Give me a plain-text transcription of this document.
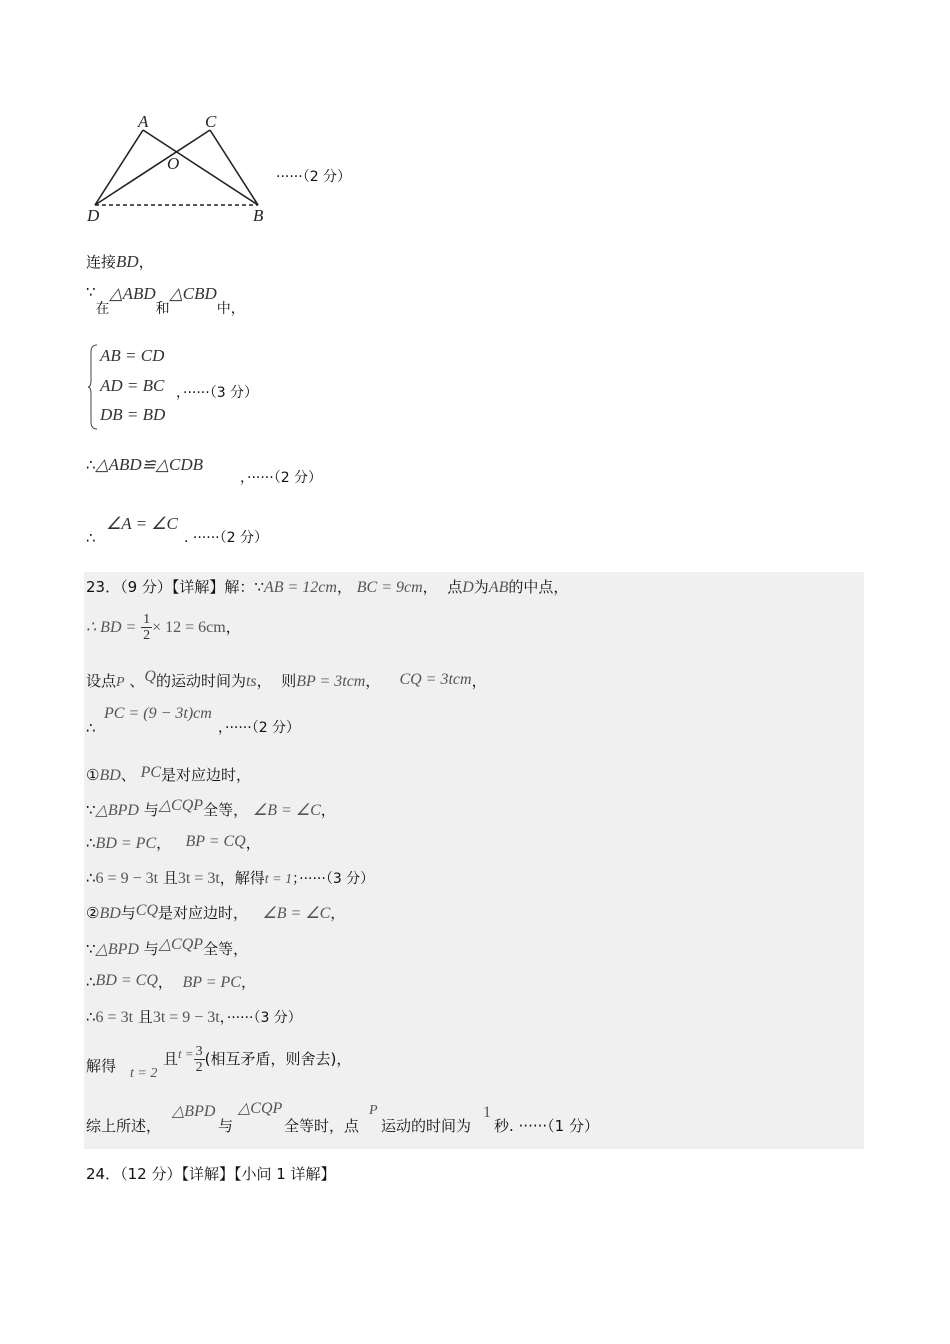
A	C
O
D	B
······（2 分）
连接BD，
∵在△ABD和△CBD中，
AB = CD
AD = BC ，······（3 分）
DB = BD
∴△ABD≌△CDB
，······（2 分）
∴
∠A = ∠C
. ······（2 分）
23．（9 分）【详解】解：∵AB = 12cm， BC = 9cm， 点D为AB的中点，
∴ BD = $\frac{1}{2} \times 12 = 6cm$，
设点P 、Q的运动时间为ts， 则BP = 3tcm， CQ = 3tcm，
∴
PC = (9 − 3t)cm
，······（2 分）
①BD、 PC是对应边时，
∵△BPD 与△CQP全等， ∠B = ∠C，
∴BD = PC， BP = CQ，
∴6 = 9 − 3t 且3t = 3t，解得t = 1；······（3 分）
②BD与CQ是对应边时， ∠B = ∠C，
∵△BPD 与△CQP全等，
∴BD = CQ， BP = PC，
∴6 = 3t 且3t = 9 − 3t，······（3 分）
解得 t = 2
且$t = \frac{3}{2}$ (相互矛盾，则舍去)，
综上所述，
△BPD
与
△CQP
全等时，点
P
运动的时间为
1
秒. ······（1 分）
24．（12 分）【详解】【小问 1 详解】
